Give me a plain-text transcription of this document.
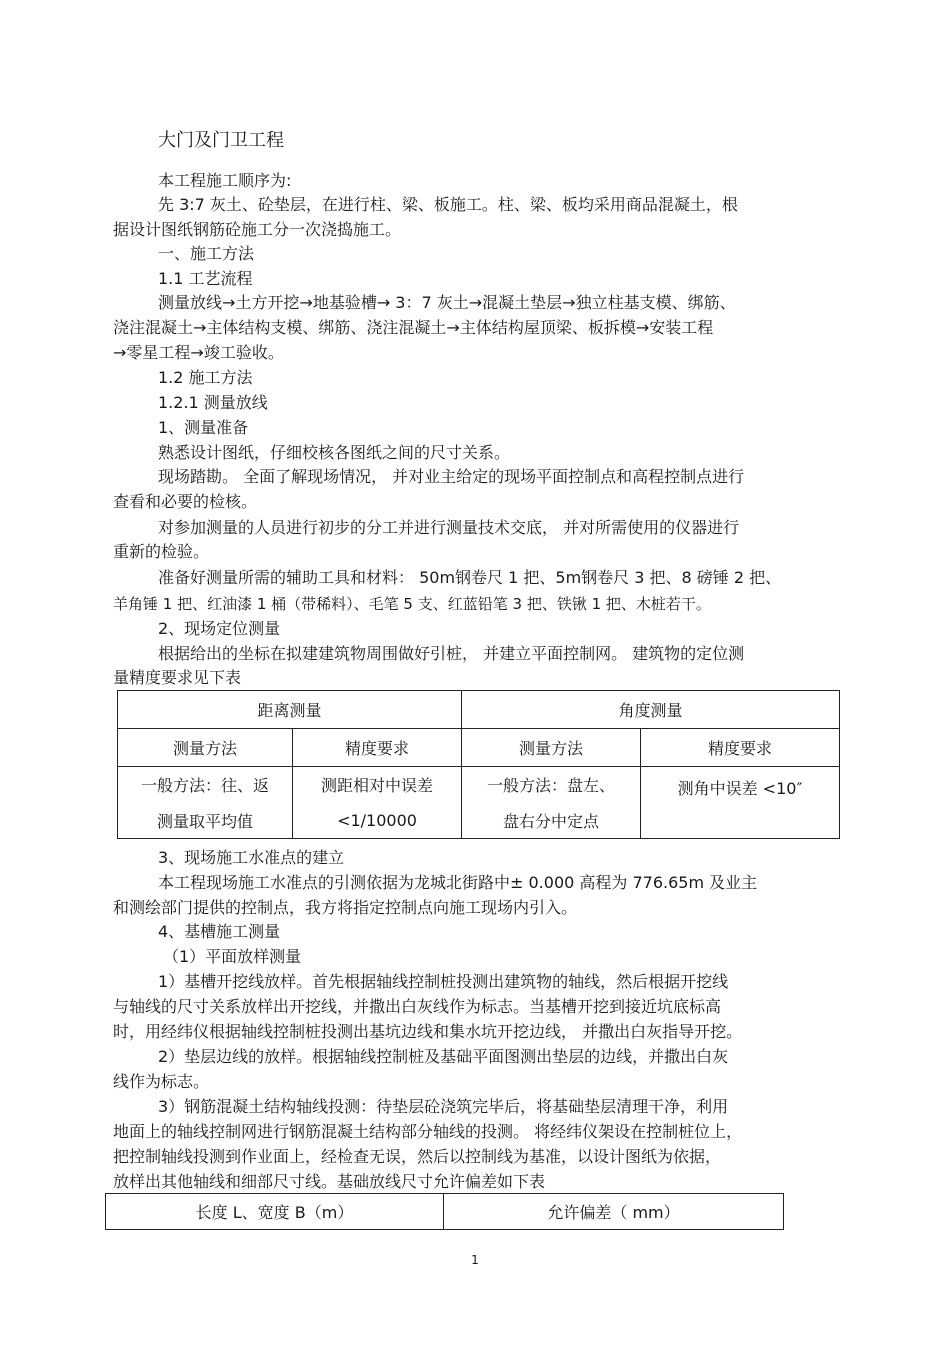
大门及门卫工程

本工程施工顺序为:

先 3:7 灰土、砼垫层，在进行柱、梁、板施工。柱、梁、板均采用商品混凝土，根

据设计图纸钢筋砼施工分一次浇捣施工。

一、施工方法

1.1 工艺流程

测量放线→土方开挖→地基验槽→ 3：7 灰土→混凝土垫层→独立柱基支模、绑筋、

浇注混凝土→主体结构支模、绑筋、浇注混凝土→主体结构屋顶梁、板拆模→安装工程

→零星工程→竣工验收。

1.2 施工方法

1.2.1 测量放线

1、测量准备

熟悉设计图纸，仔细校核各图纸之间的尺寸关系。

现场踏勘。 全面了解现场情况， 并对业主给定的现场平面控制点和高程控制点进行

查看和必要的检核。

对参加测量的人员进行初步的分工并进行测量技术交底， 并对所需使用的仪器进行

重新的检验。

准备好测量所需的辅助工具和材料： 50m钢卷尺 1 把、5m钢卷尺 3 把、8 磅锤 2 把、

羊角锤 1 把、红油漆 1 桶（带稀料）、毛笔 5 支、红蓝铅笔 3 把、铁锹 1 把、木桩若干。

2、现场定位测量

根据给出的坐标在拟建建筑物周围做好引桩， 并建立平面控制网。 建筑物的定位测

量精度要求见下表

距离测量		角度测量	
测量方法	精度要求	测量方法	精度要求
一般方法：往、返	测距相对中误差	一般方法：盘左、	测角中误差 <10″
测量取平均值	<1/10000	盘右分中定点	

3、现场施工水准点的建立

本工程现场施工水准点的引测依据为龙城北街路中± 0.000 高程为 776.65m 及业主

和测绘部门提供的控制点，我方将指定控制点向施工现场内引入。

4、基槽施工测量

（1）平面放样测量

1）基槽开挖线放样。首先根据轴线控制桩投测出建筑物的轴线，然后根据开挖线

与轴线的尺寸关系放样出开挖线，并撒出白灰线作为标志。当基槽开挖到接近坑底标高

时，用经纬仪根据轴线控制桩投测出基坑边线和集水坑开挖边线， 并撒出白灰指导开挖。

2）垫层边线的放样。根据轴线控制桩及基础平面图测出垫层的边线，并撒出白灰

线作为标志。

3）钢筋混凝土结构轴线投测：待垫层砼浇筑完毕后，将基础垫层清理干净，利用

地面上的轴线控制网进行钢筋混凝土结构部分轴线的投测。 将经纬仪架设在控制桩位上，

把控制轴线投测到作业面上，经检查无误，然后以控制线为基准，以设计图纸为依据，

放样出其他轴线和细部尺寸线。基础放线尺寸允许偏差如下表

长度 L、宽度 B（m）	允许偏差（ mm）
1
